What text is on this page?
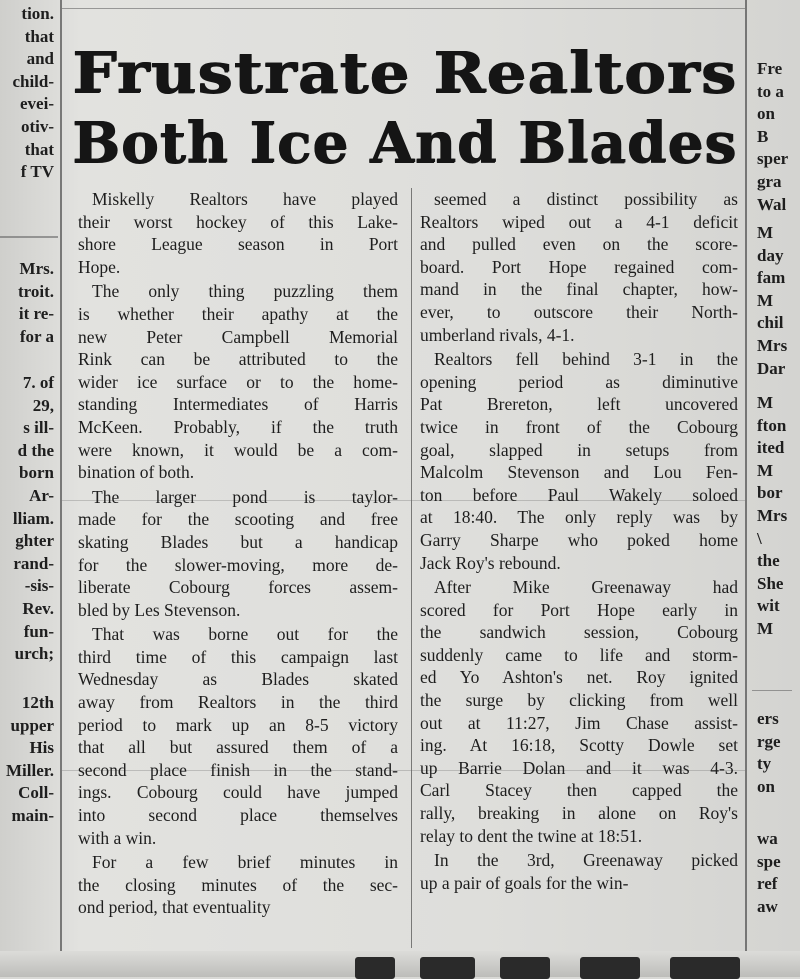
Frustrate Realtors
Both Ice And Blades
Miskelly Realtors have played
their worst hockey of this Lake-
shore League season in Port
Hope.
The only thing puzzling them
is whether their apathy at the
new Peter Campbell Memorial
Rink can be attributed to the
wider ice surface or to the home-
standing Intermediates of Harris
McKeen. Probably, if the truth
were known, it would be a com-
bination of both.
The larger pond is taylor-
made for the scooting and free
skating Blades but a handicap
for the slower-moving, more de-
liberate Cobourg forces assem-
bled by Les Stevenson.
That was borne out for the
third time of this campaign last
Wednesday as Blades skated
away from Realtors in the third
period to mark up an 8-5 victory
that all but assured them of a
second place finish in the stand-
ings. Cobourg could have jumped
into second place themselves
with a win.
For a few brief minutes in
the closing minutes of the sec-
ond period, that eventuality
seemed a distinct possibility as
Realtors wiped out a 4-1 deficit
and pulled even on the score-
board. Port Hope regained com-
mand in the final chapter, how-
ever, to outscore their North-
umberland rivals, 4-1.
Realtors fell behind 3-1 in the
opening period as diminutive
Pat Brereton, left uncovered
twice in front of the Cobourg
goal, slapped in setups from
Malcolm Stevenson and Lou Fen-
ton before Paul Wakely soloed
at 18:40. The only reply was by
Garry Sharpe who poked home
Jack Roy's rebound.
After Mike Greenaway had
scored for Port Hope early in
the sandwich session, Cobourg
suddenly came to life and storm-
ed Yo Ashton's net. Roy ignited
the surge by clicking from well
out at 11:27, Jim Chase assist-
ing. At 16:18, Scotty Dowle set
up Barrie Dolan and it was 4-3.
Carl Stacey then capped the
rally, breaking in alone on Roy's
relay to dent the twine at 18:51.
In the 3rd, Greenaway picked
up a pair of goals for the win-
tion.
that
and
child-
evei-
otiv-
that
f TV
Mrs.
troit.
it re-
for a
7. of
29,
s ill-
d the
born
Ar-
lliam.
ghter
rand-
-sis-
Rev.
fun-
urch;
12th
upper
His
Miller.
Coll-
main-
Fre
to a
on
B
sper
gra
Wal
M
day
fam
M
chil
Mrs
Dar
M
fton
ited
M
bor
Mrs
\
the
She
wit
M
ers
rge
ty
on
wa
spe
ref
aw
